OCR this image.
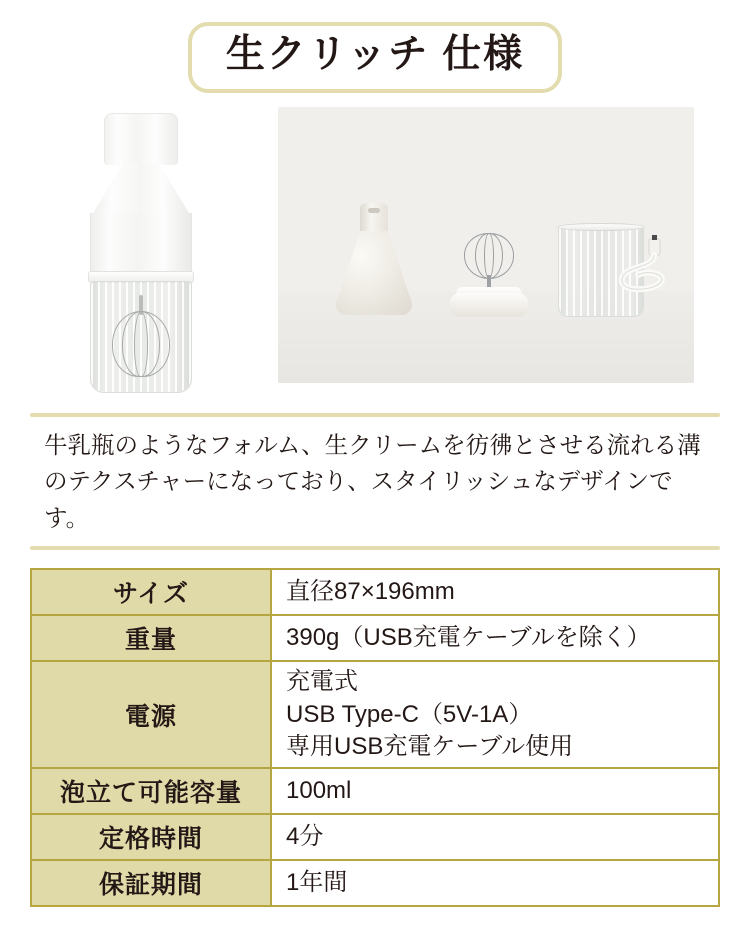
生クリッチ 仕様
牛乳瓶のようなフォルム、生クリームを彷彿とさせる流れる溝のテクスチャーになっており、スタイリッシュなデザインです。
サイズ	直径87×196mm

重量	390g（USB充電ケーブルを除く）

電源	充電式
USB Type-C（5V-1A）
専用USB充電ケーブル使用

泡立て可能容量	100ml

定格時間	4分

保証期間	1年間
